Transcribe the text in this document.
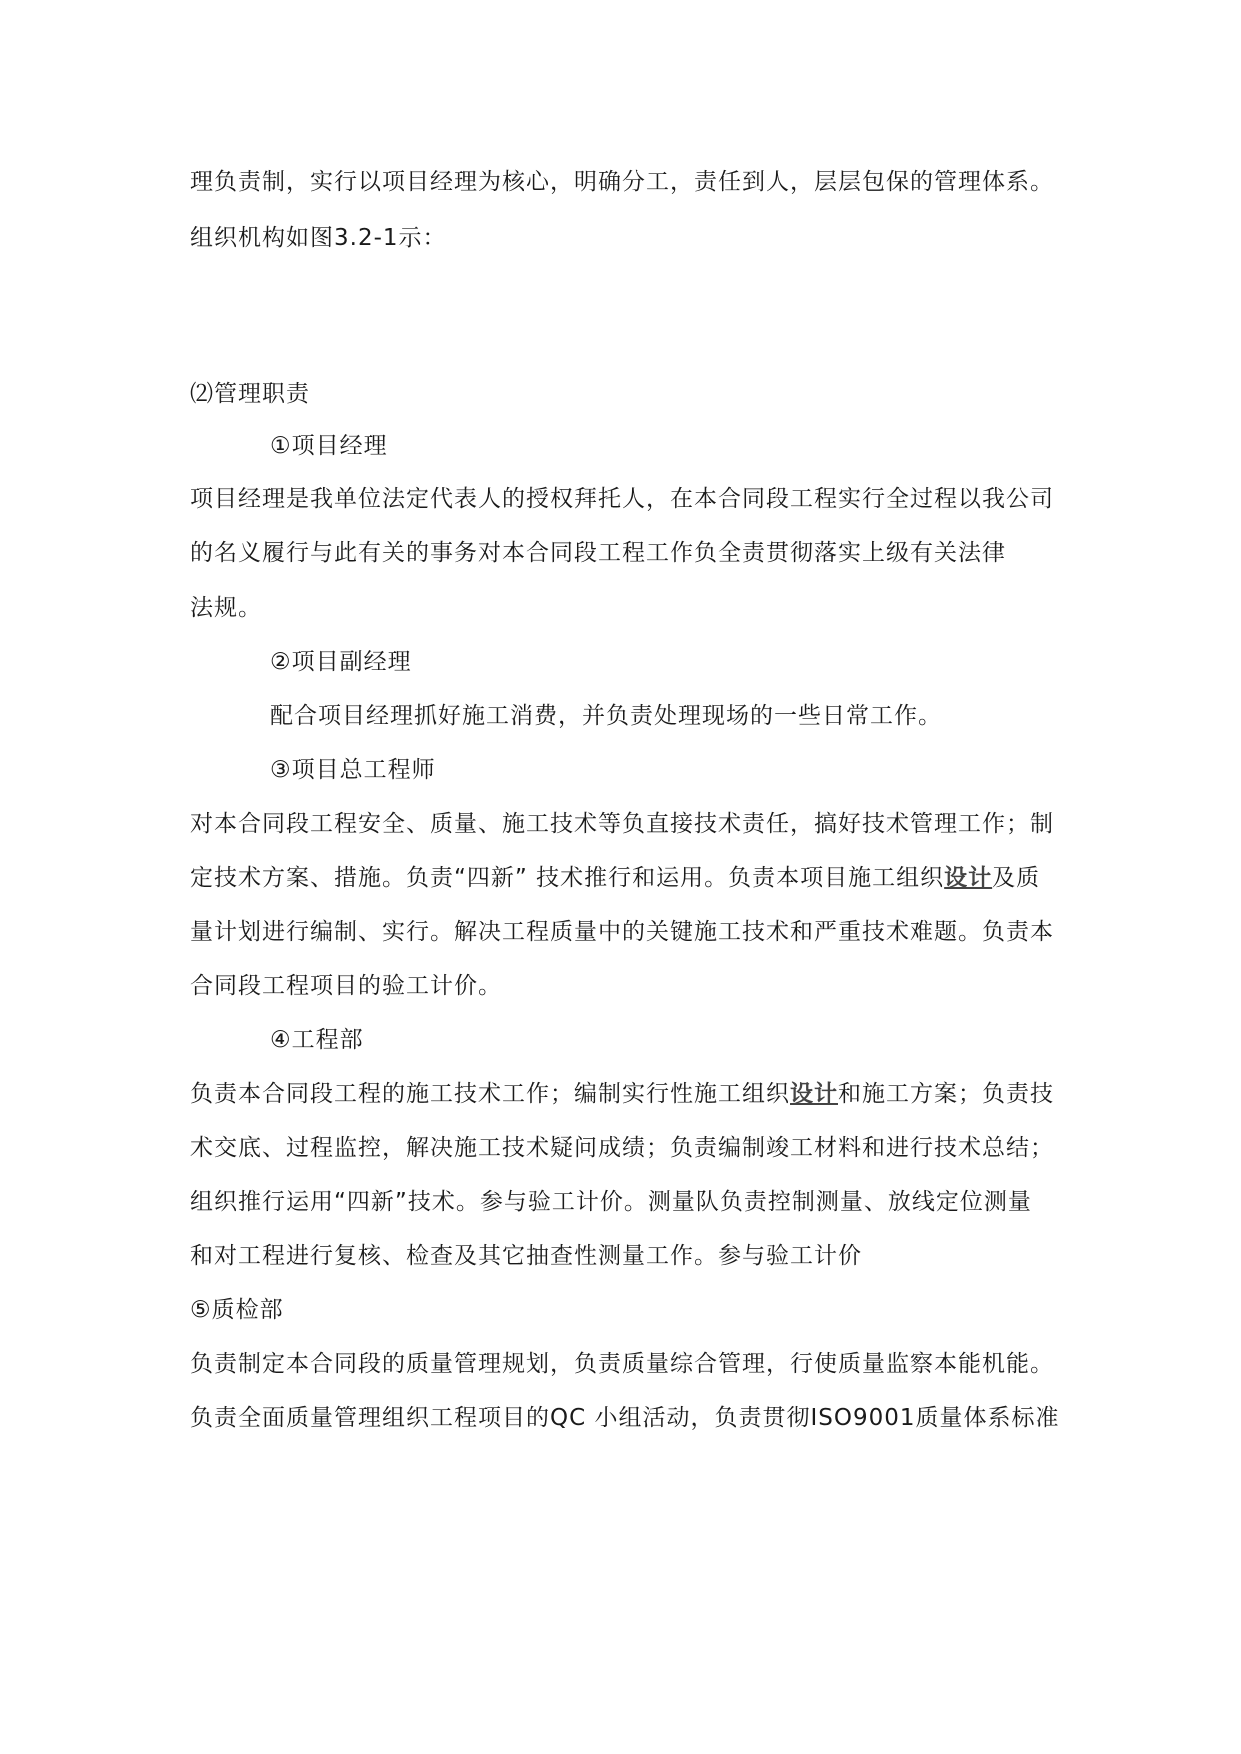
理负责制，实行以项目经理为核心，明确分工，责任到人，层层包保的管理体系。
组织机构如图3.2-1示：
⑵管理职责
①项目经理
项目经理是我单位法定代表人的授权拜托人，在本合同段工程实行全过程以我公司
的名义履行与此有关的事务对本合同段工程工作负全责贯彻落实上级有关法律
法规。
②项目副经理
配合项目经理抓好施工消费，并负责处理现场的一些日常工作。
③项目总工程师
对本合同段工程安全、质量、施工技术等负直接技术责任，搞好技术管理工作；制
定技术方案、措施。负责“四新” 技术推行和运用。负责本项目施工组织设计及质
量计划进行编制、实行。解决工程质量中的关键施工技术和严重技术难题。负责本
合同段工程项目的验工计价。
④工程部
负责本合同段工程的施工技术工作；编制实行性施工组织设计和施工方案；负责技
术交底、过程监控，解决施工技术疑问成绩；负责编制竣工材料和进行技术总结；
组织推行运用“四新”技术。参与验工计价。测量队负责控制测量、放线定位测量
和对工程进行复核、检查及其它抽查性测量工作。参与验工计价
⑤质检部
负责制定本合同段的质量管理规划，负责质量综合管理，行使质量监察本能机能。
负责全面质量管理组织工程项目的QC 小组活动，负责贯彻ISO9001质量体系标准
